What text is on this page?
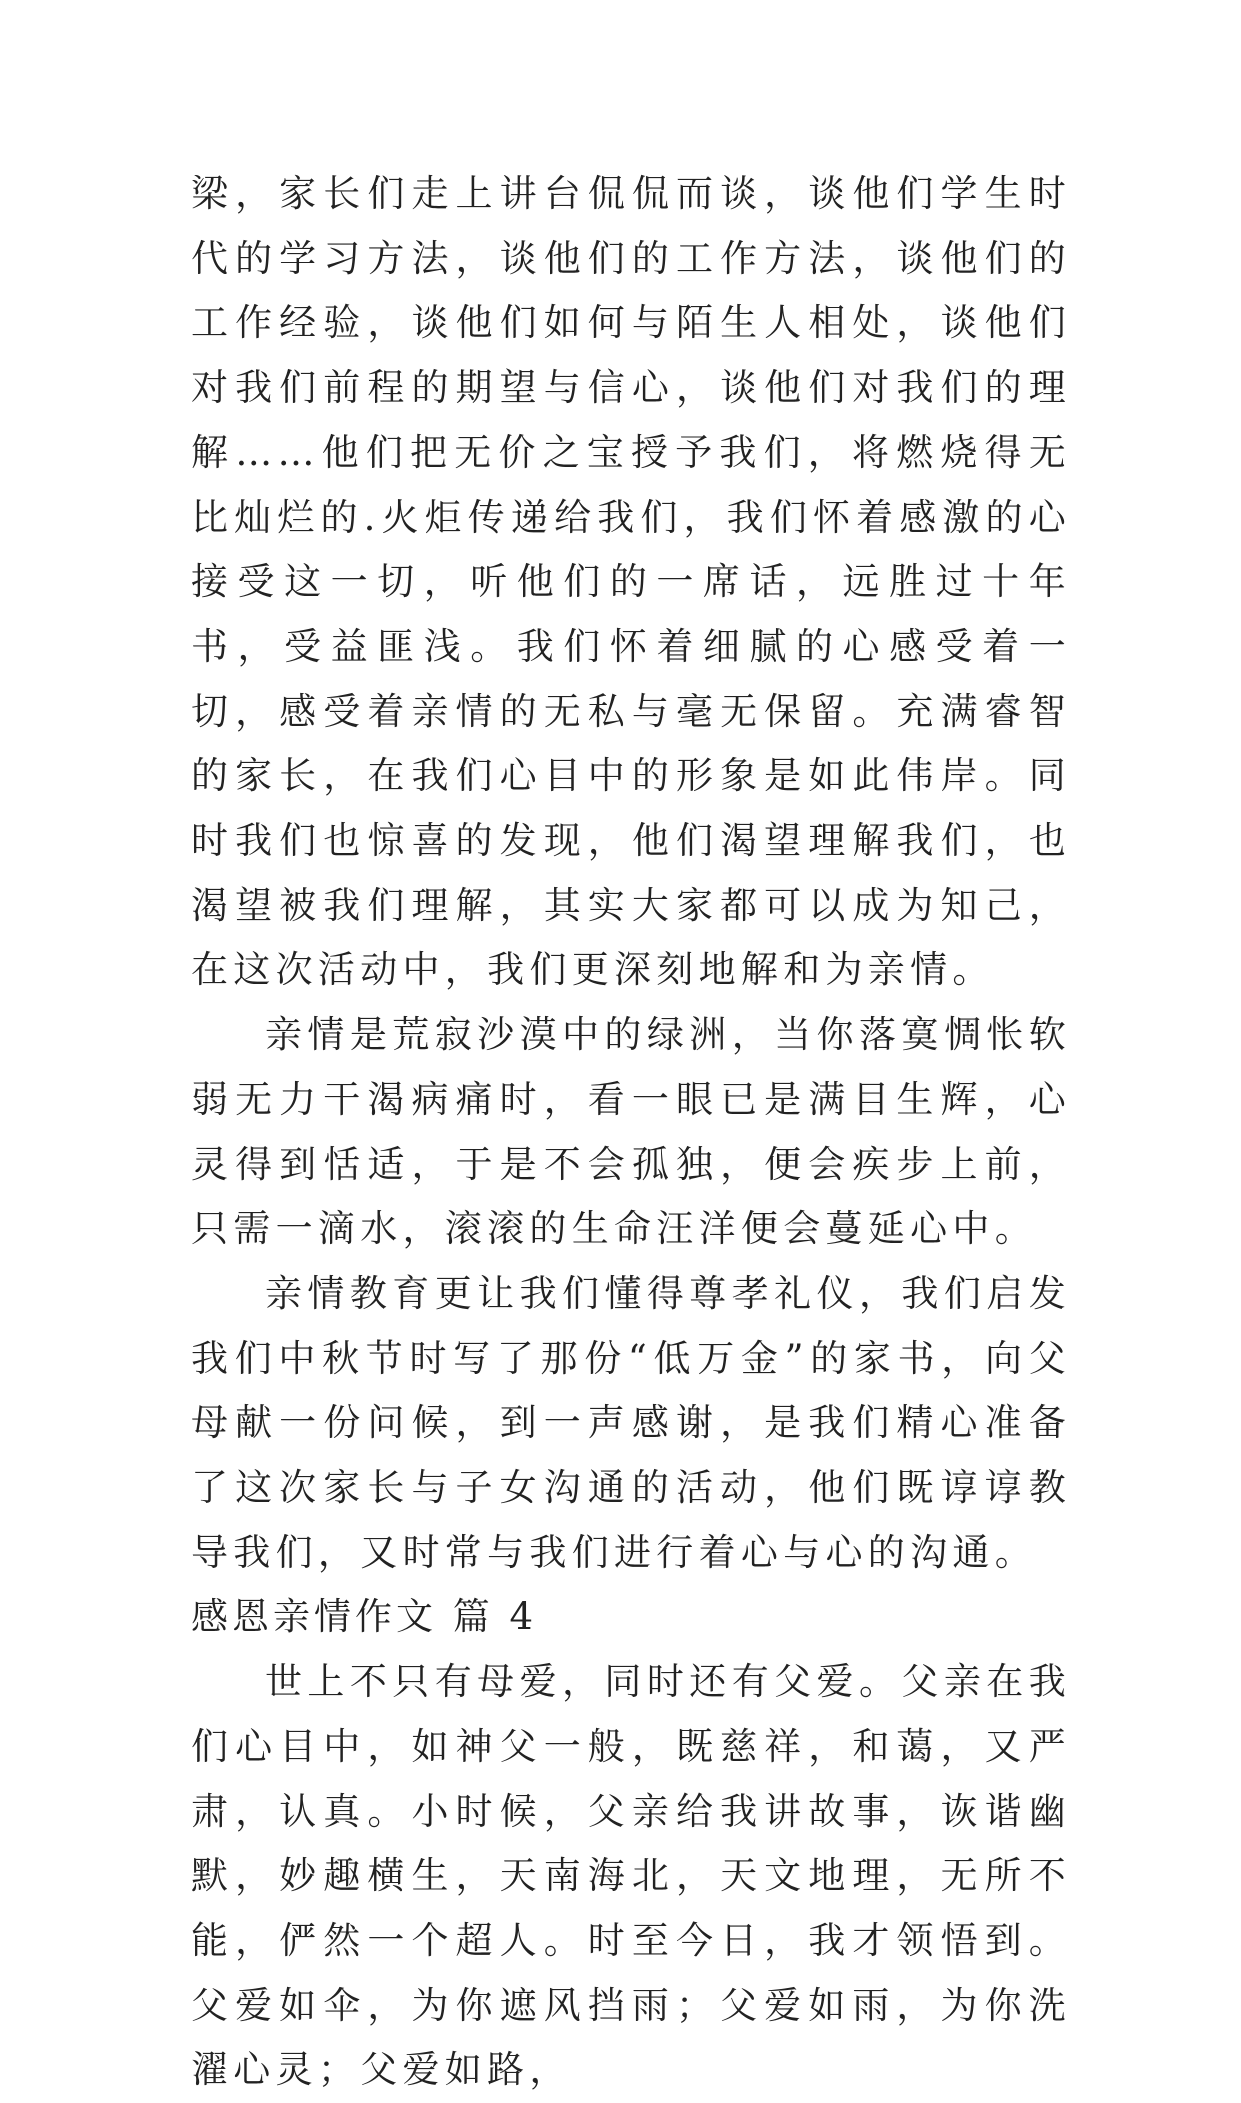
梁，家长们走上讲台侃侃而谈，谈他们学生时代的学习方法，谈他们的工作方法，谈他们的工作经验，谈他们如何与陌生人相处，谈他们对我们前程的期望与信心，谈他们对我们的理解……他们把无价之宝授予我们，将燃烧得无比灿烂的.火炬传递给我们，我们怀着感激的心接受这一切，听他们的一席话，远胜过十年书，受益匪浅。我们怀着细腻的心感受着一切，感受着亲情的无私与毫无保留。充满睿智的家长，在我们心目中的形象是如此伟岸。同时我们也惊喜的发现，他们渴望理解我们，也渴望被我们理解，其实大家都可以成为知己，在这次活动中，我们更深刻地解和为亲情。

亲情是荒寂沙漠中的绿洲，当你落寞惆怅软弱无力干渴病痛时，看一眼已是满目生辉，心灵得到恬适，于是不会孤独，便会疾步上前，只需一滴水，滚滚的生命汪洋便会蔓延心中。

亲情教育更让我们懂得尊孝礼仪，我们启发我们中秋节时写了那份“低万金”的家书，向父母献一份问候，到一声感谢，是我们精心准备了这次家长与子女沟通的活动，他们既谆谆教导我们，又时常与我们进行着心与心的沟通。

感恩亲情作文 篇 4

世上不只有母爱，同时还有父爱。父亲在我们心目中，如神父一般，既慈祥，和蔼，又严肃，认真。小时候，父亲给我讲故事，诙谐幽默，妙趣横生，天南海北，天文地理，无所不能，俨然一个超人。时至今日，我才领悟到。父爱如伞，为你遮风挡雨；父爱如雨，为你洗濯心灵；父爱如路，
